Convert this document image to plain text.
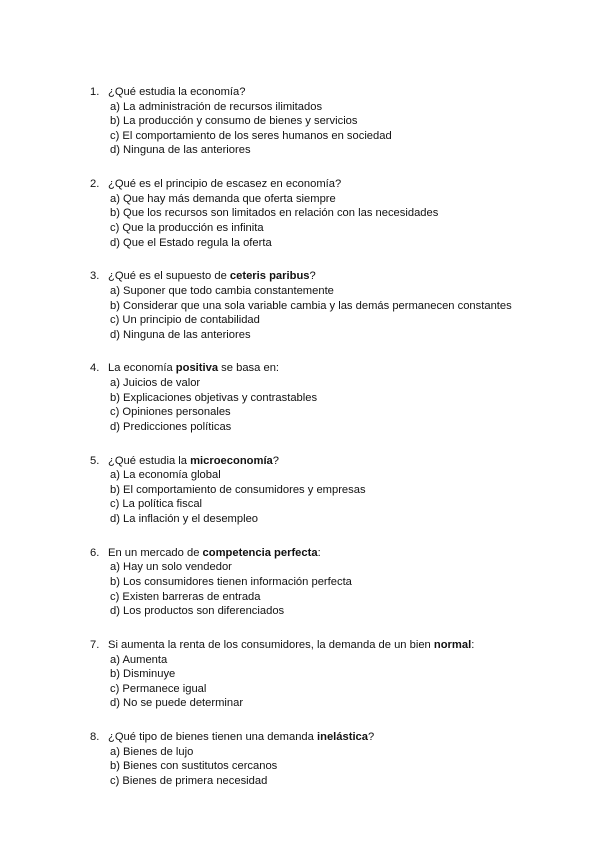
1. ¿Qué estudia la economía?
a) La administración de recursos ilimitados
b) La producción y consumo de bienes y servicios
c) El comportamiento de los seres humanos en sociedad
d) Ninguna de las anteriores
2. ¿Qué es el principio de escasez en economía?
a) Que hay más demanda que oferta siempre
b) Que los recursos son limitados en relación con las necesidades
c) Que la producción es infinita
d) Que el Estado regula la oferta
3. ¿Qué es el supuesto de ceteris paribus?
a) Suponer que todo cambia constantemente
b) Considerar que una sola variable cambia y las demás permanecen constantes
c) Un principio de contabilidad
d) Ninguna de las anteriores
4. La economía positiva se basa en:
a) Juicios de valor
b) Explicaciones objetivas y contrastables
c) Opiniones personales
d) Predicciones políticas
5. ¿Qué estudia la microeconomía?
a) La economía global
b) El comportamiento de consumidores y empresas
c) La política fiscal
d) La inflación y el desempleo
6. En un mercado de competencia perfecta:
a) Hay un solo vendedor
b) Los consumidores tienen información perfecta
c) Existen barreras de entrada
d) Los productos son diferenciados
7. Si aumenta la renta de los consumidores, la demanda de un bien normal:
a) Aumenta
b) Disminuye
c) Permanece igual
d) No se puede determinar
8. ¿Qué tipo de bienes tienen una demanda inelástica?
a) Bienes de lujo
b) Bienes con sustitutos cercanos
c) Bienes de primera necesidad
